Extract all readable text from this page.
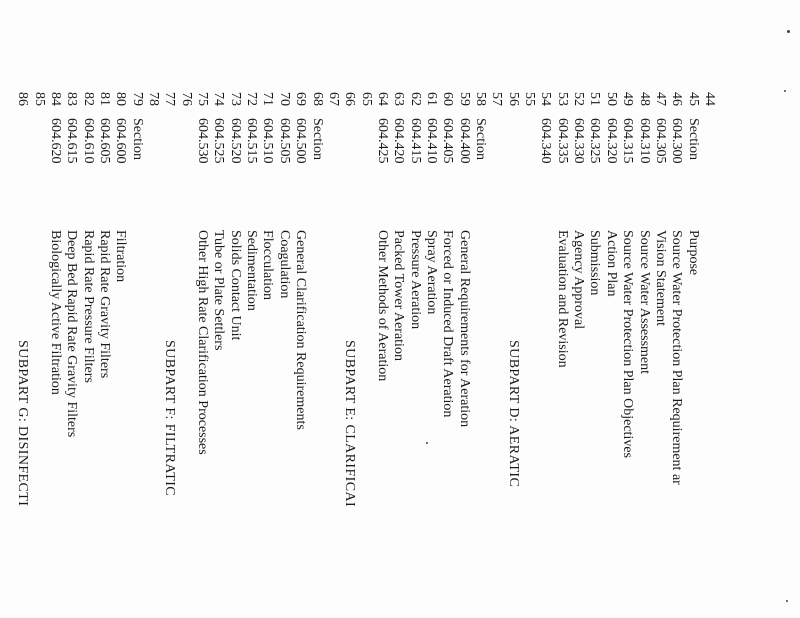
44
45
Section
Purpose
46
604.300
Source Water Protection Plan Requirement ar
47
604.305
Vision Statement
48
604.310
Source Water Assessment
49
604.315
Source Water Protection Plan Objectives
50
604.320
Action Plan
51
604.325
Submission
52
604.330
Agency Approval
53
604.335
Evaluation and Revision
54
604.340
55
56
SUBPART D: AERATIC
57
58
Section
59
604.400
General Requirements for Aeration
60
604.405
Forced or Induced Draft Aeration
61
604.410
Spray Aeration
62
604.415
Pressure Aeration
63
604.420
Packed Tower Aeration
64
604.425
Other Methods of Aeration
65
66
SUBPART E: CLARIFICAI
67
68
Section
69
604.500
General Clarification Requirements
70
604.505
Coagulation
71
604.510
Flocculation
72
604.515
Sedimentation
73
604.520
Solids Contact Unit
74
604.525
Tube or Plate Settlers
75
604.530
Other High Rate Clarification Processes
76
77
SUBPART F: FILTRATIC
78
79
Section
80
604.600
Filtration
81
604.605
Rapid Rate Gravity Filters
82
604.610
Rapid Rate Pressure Filters
83
604.615
Deep Bed Rapid Rate Gravity Filters
84
604.620
Biologically Active Filtration
85
86
SUBPART G: DISINFECTI
